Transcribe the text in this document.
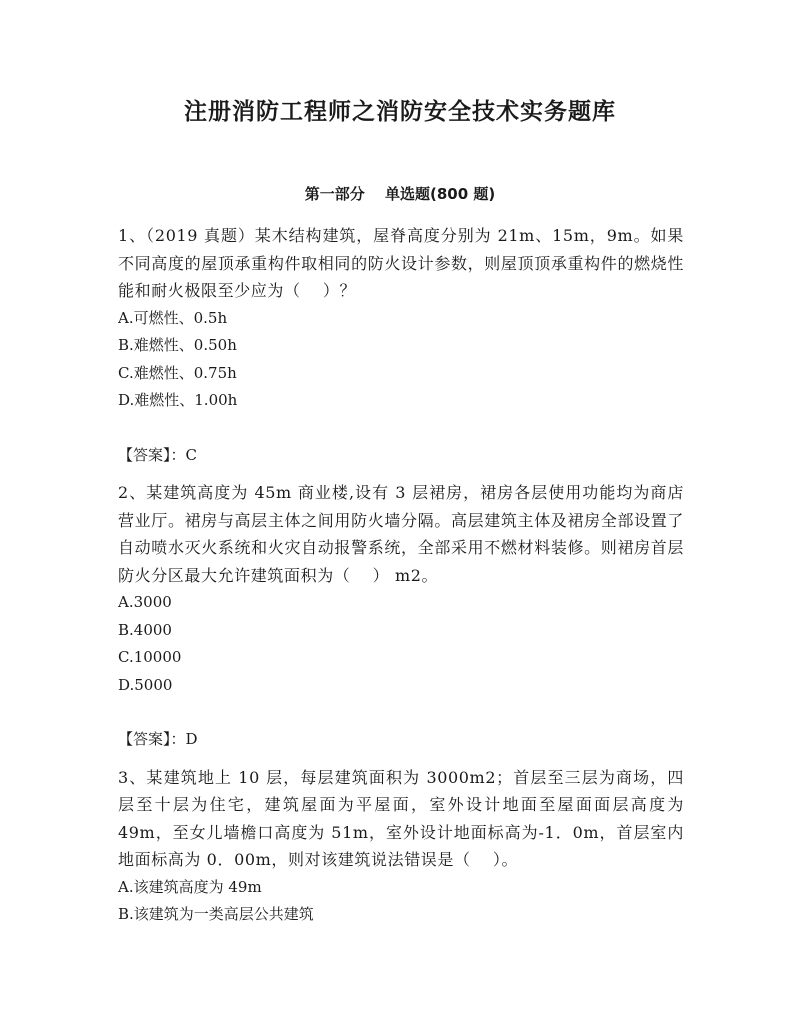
注册消防工程师之消防安全技术实务题库
第一部分　 单选题(800 题)

1、（2019 真题）某木结构建筑，屋脊高度分别为 21m、15m，9m。如果不同高度的屋顶承重构件取相同的防火设计参数，则屋顶顶承重构件的燃烧性能和耐火极限至少应为（　 ）？

A.可燃性、0.5h
B.难燃性、0.50h
C.难燃性、0.75h
D.难燃性、1.00h

【答案】：C

2、某建筑高度为 45m 商业楼,设有 3 层裙房，裙房各层使用功能均为商店营业厅。裙房与高层主体之间用防火墙分隔。高层建筑主体及裙房全部设置了自动喷水灭火系统和火灾自动报警系统，全部采用不燃材料装修。则裙房首层防火分区最大允许建筑面积为（　 ） m2。

A.3000
B.4000
C.10000
D.5000

【答案】：D

3、某建筑地上 10 层，每层建筑面积为 3000m2；首层至三层为商场，四层至十层为住宅，建筑屋面为平屋面，室外设计地面至屋面面层高度为 49m，至女儿墙檐口高度为 51m，室外设计地面标高为-1．0m，首层室内地面标高为 0．00m，则对该建筑说法错误是（　 ）。

A.该建筑高度为 49m
B.该建筑为一类高层公共建筑
